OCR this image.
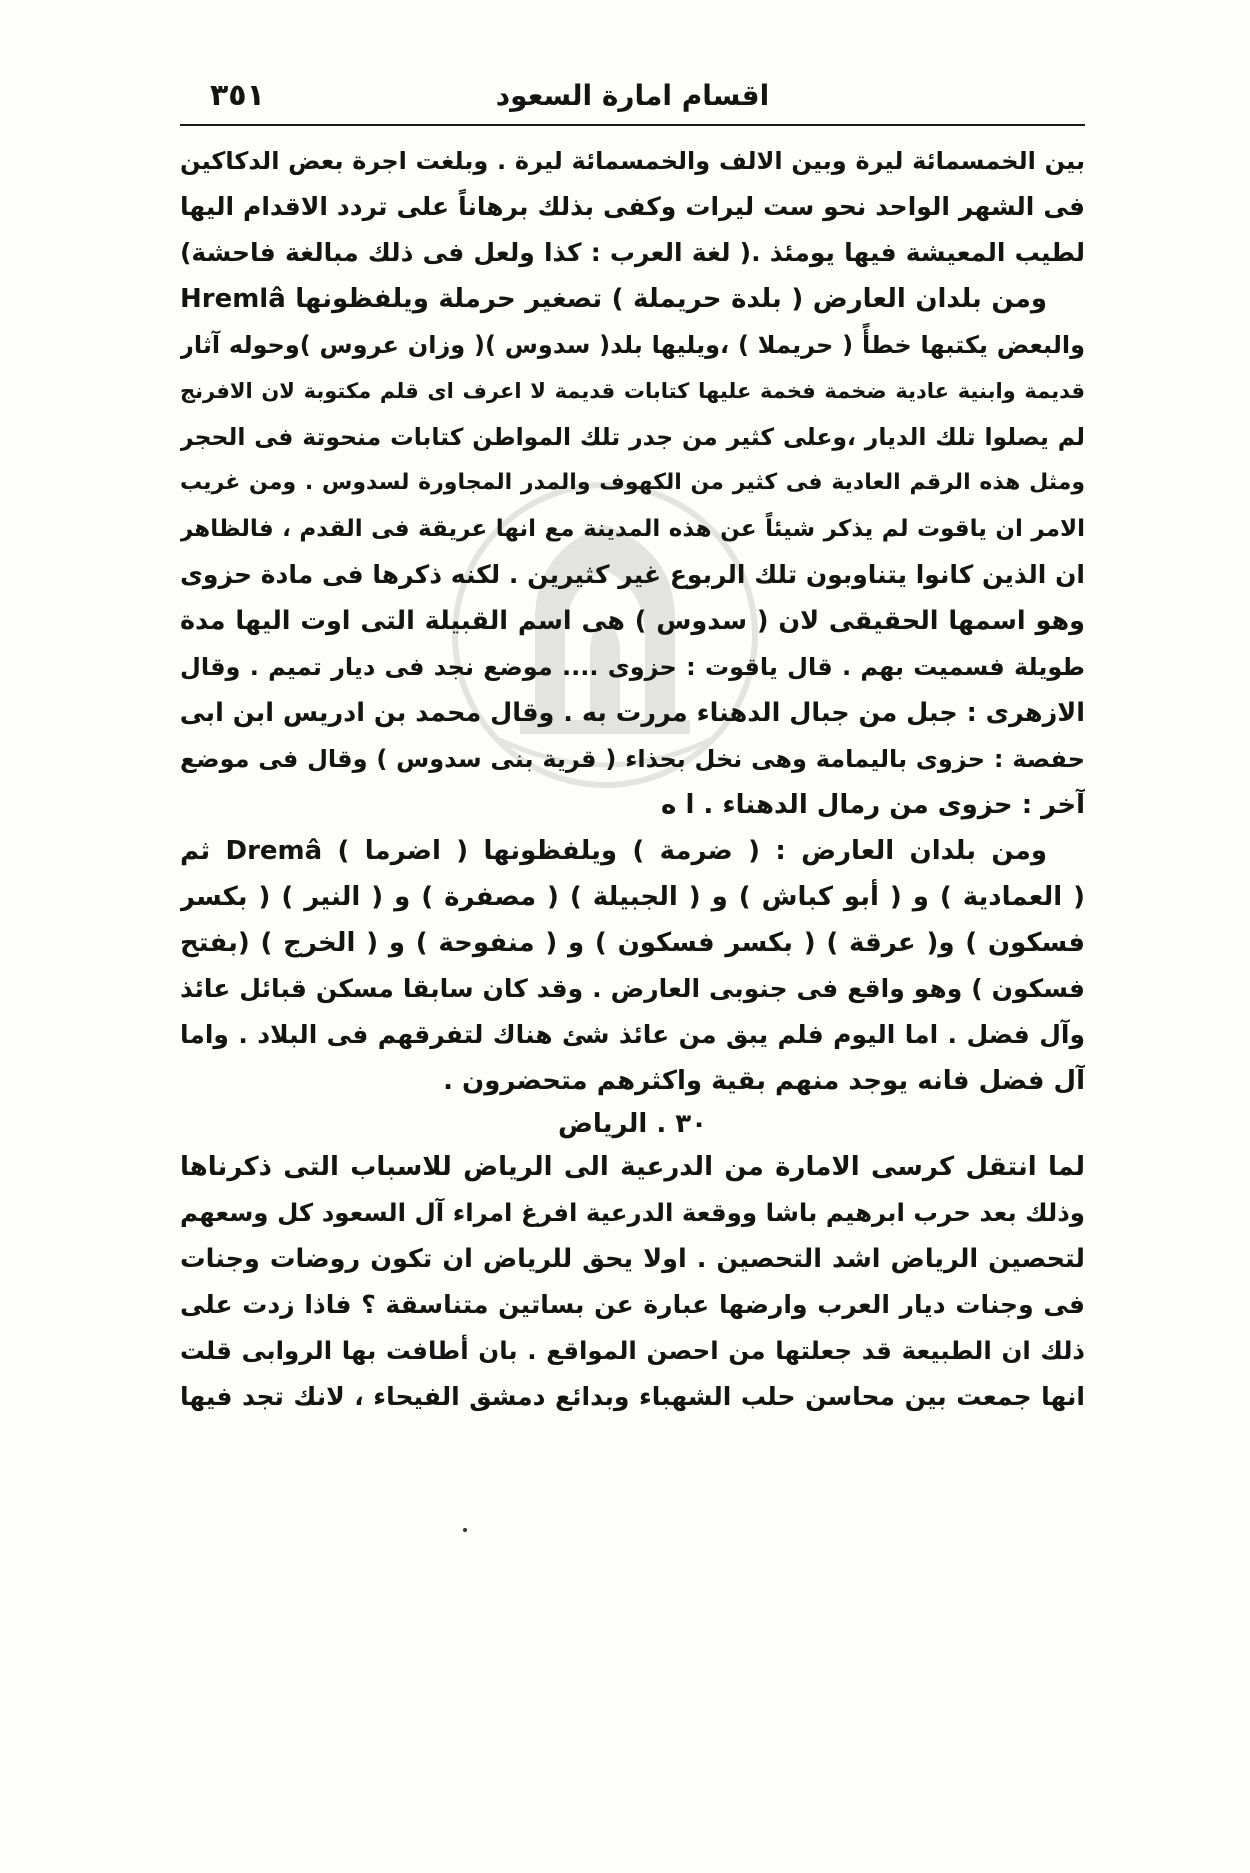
٣٥١	اقسام امارة السعود
بين الخمسمائة ليرة وبين الالف والخمسمائة ليرة . وبلغت اجرة بعض الدكاكين
فى الشهر الواحد نحو ست ليرات وكفى بذلك برهاناً على تردد الاقدام اليها
لطيب المعيشة فيها يومئذ .( لغة العرب : كذا ولعل فى ذلك مبالغة فاحشة)
ومن بلدان العارض ( بلدة حريملة ) تصغير حرملة ويلفظونها Hremlâ
والبعض يكتبها خطأً ( حريملا ) ،ويليها بلد( سدوس )( وزان عروس )وحوله آثار
قديمة وابنية عادية ضخمة فخمة عليها كتابات قديمة لا اعرف اى قلم مكتوبة لان الافرنج
لم يصلوا تلك الديار ،وعلى كثير من جدر تلك المواطن كتابات منحوتة فى الحجر
ومثل هذه الرقم العادية فى كثير من الكهوف والمدر المجاورة لسدوس . ومن غريب
الامر ان ياقوت لم يذكر شيئاً عن هذه المدينة مع انها عريقة فى القدم ، فالظاهر
ان الذين كانوا يتناوبون تلك الربوع غير كثيرين . لكنه ذكرها فى مادة حزوى
وهو اسمها الحقيقى لان ( سدوس ) هى اسم القبيلة التى اوت اليها مدة
طويلة فسميت بهم . قال ياقوت : حزوى .... موضع نجد فى ديار تميم . وقال
الازهرى : جبل من جبال الدهناء مررت به . وقال محمد بن ادريس ابن ابى
حفصة : حزوى باليمامة وهى نخل بحذاء ( قرية بنى سدوس ) وقال فى موضع
آخر : حزوى من رمال الدهناء . ا ه
ومن بلدان العارض : ( ضرمة ) ويلفظونها ( اضرما ) Dremâ ثم
( العمادية ) و ( أبو كباش ) و ( الجبيلة ) ( مصفرة ) و ( النير ) ( بكسر
فسكون ) و( عرقة ) ( بكسر فسكون ) و ( منفوحة ) و ( الخرج ) (بفتح
فسكون ) وهو واقع فى جنوبى العارض . وقد كان سابقا مسكن قبائل عائذ
وآل فضل . اما اليوم فلم يبق من عائذ شئ هناك لتفرقهم فى البلاد . واما
آل فضل فانه يوجد منهم بقية واكثرهم متحضرون .
٣٠ . الرياض
لما انتقل كرسى الامارة من الدرعية الى الرياض للاسباب التى ذكرناها
وذلك بعد حرب ابرهيم باشا ووقعة الدرعية افرغ امراء آل السعود كل وسعهم
لتحصين الرياض اشد التحصين . اولا يحق للرياض ان تكون روضات وجنات
فى وجنات ديار العرب وارضها عبارة عن بساتين متناسقة ؟ فاذا زدت على
ذلك ان الطبيعة قد جعلتها من احصن المواقع . بان أطافت بها الروابى قلت
انها جمعت بين محاسن حلب الشهباء وبدائع دمشق الفيحاء ، لانك تجد فيها
